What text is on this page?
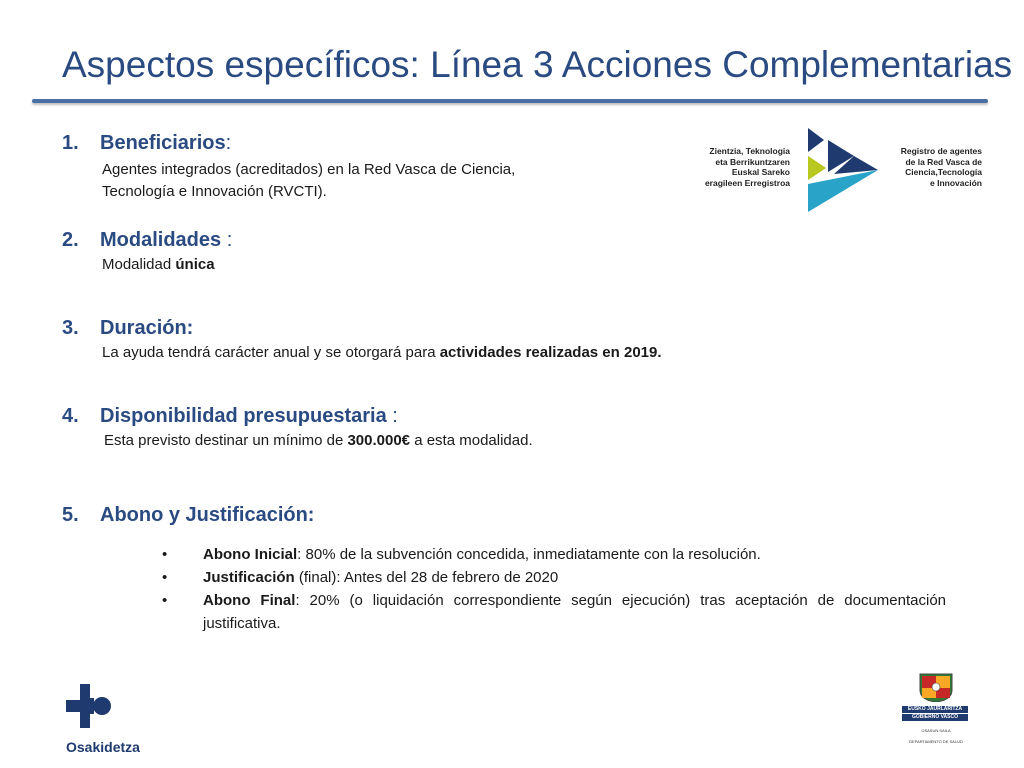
Aspectos específicos: Línea 3 Acciones Complementarias
Zientzia, Teknologia
eta Berrikuntzaren
Euskal Sareko
eragileen Erregistroa
Registro de agentes
de la Red Vasca de
Ciencia,Tecnología
e Innovación
1. Beneficiarios:
Agentes integrados (acreditados) en la Red Vasca de Ciencia,
Tecnología e Innovación (RVCTI).
2. Modalidades :
Modalidad única
3. Duración:
La ayuda tendrá carácter anual y se otorgará para actividades realizadas en 2019.
4. Disponibilidad presupuestaria :
Esta previsto destinar un mínimo de 300.000€ a esta modalidad.
5. Abono y Justificación:
•	Abono Inicial: 80% de la subvención concedida, inmediatamente con la resolución.
•	Justificación (final): Antes del 28 de febrero de 2020
•	Abono Final: 20% (o liquidación correspondiente según ejecución) tras aceptación de documentación justificativa.
Osakidetza
EUSKO JAURLARITZA
GOBIERNO VASCO
OSASUN SAILA
DEPARTAMENTO DE SALUD
